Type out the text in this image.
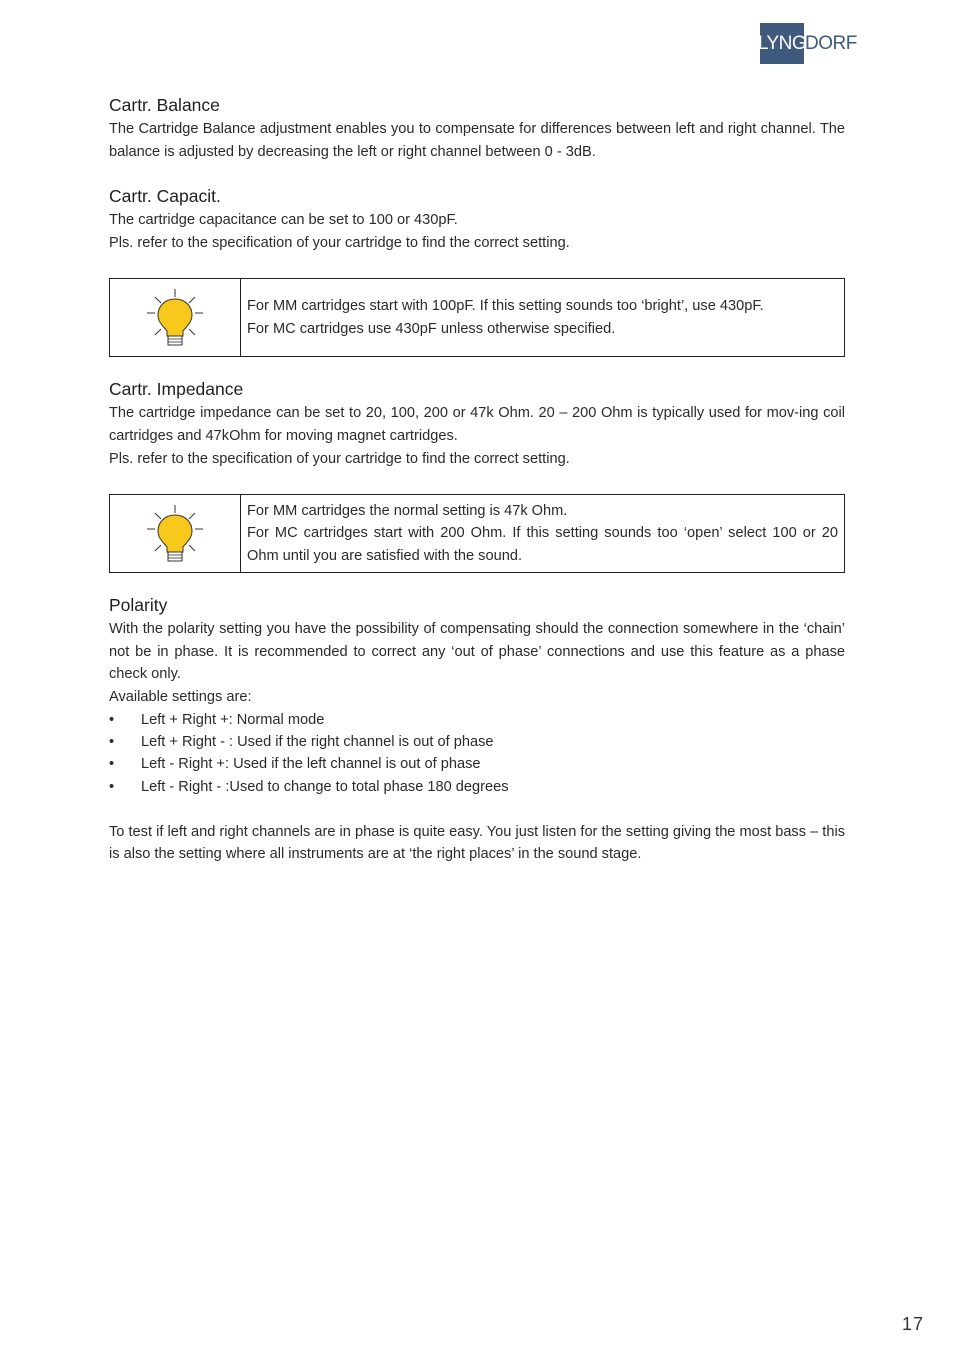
LYNG
DORF
Cartr. Balance

The Cartridge Balance adjustment enables you to compensate for differences between left and right channel. The balance is adjusted by decreasing the left or right channel between 0 - 3dB.

Cartr. Capacit.

The cartridge capacitance can be set to 100 or 430pF.

Pls. refer to the specification of your cartridge to find the correct setting.

For MM cartridges start with 100pF. If this setting sounds too ‘bright’, use 430pF.

For MC cartridges use 430pF unless otherwise specified.

Cartr. Impedance

The cartridge impedance can be set to 20, 100, 200 or 47k Ohm. 20 – 200 Ohm is typically used for mov-ing coil cartridges and 47kOhm for moving magnet cartridges.

Pls. refer to the specification of your cartridge to find the correct setting.

For MM cartridges the normal setting is 47k Ohm.

For MC cartridges start with 200 Ohm. If this setting sounds too ‘open’ select 100 or 20 Ohm until you are satisfied with the sound.

Polarity

With the polarity setting you have the possibility of compensating should the connection somewhere in the ‘chain’ not be in phase. It is recommended to correct any ‘out of phase’ connections and use this feature as a phase check only.

Available settings are:

•	Left + Right +: Normal mode
•	Left + Right - : Used if the right channel is out of phase
•	Left - Right +: Used if the left channel is out of phase
•	Left - Right - :Used to change to total phase 180 degrees

To test if left and right channels are in phase is quite easy. You just listen for the setting giving the most bass – this is also the setting where all instruments are at ‘the right places’ in the sound stage.

17
